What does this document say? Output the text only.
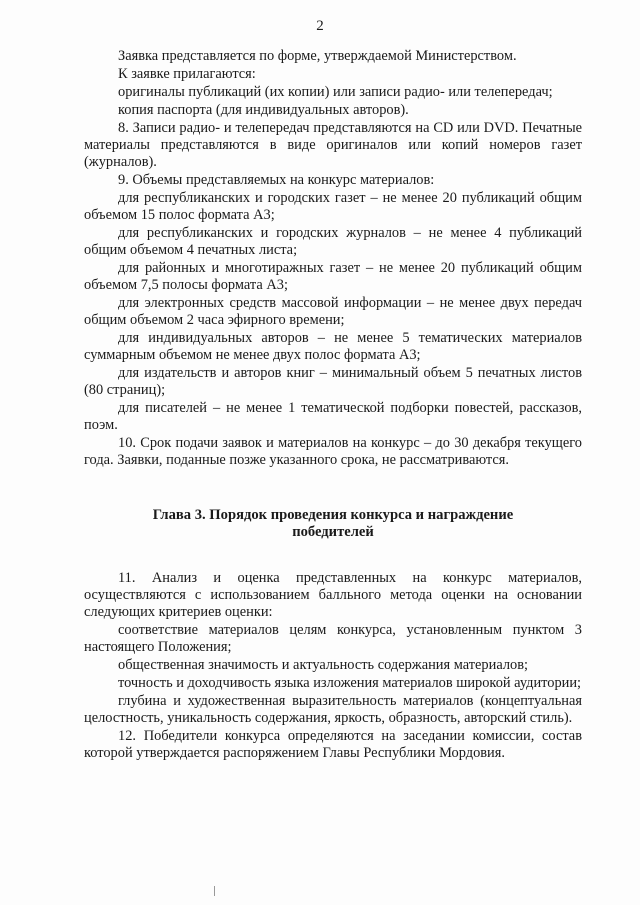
2

Заявка представляется по форме, утверждаемой Министерством.

К заявке прилагаются:

оригиналы публикаций (их копии) или записи радио- или телепередач;

копия паспорта (для индивидуальных авторов).

8. Записи радио- и телепередач представляются на CD или DVD. Печатные материалы представляются в виде оригиналов или копий номеров газет (журналов).

9. Объемы представляемых на конкурс материалов:

для республиканских и городских газет – не менее 20 публикаций общим объемом 15 полос формата А3;

для республиканских и городских журналов – не менее 4 публикаций общим объемом 4 печатных листа;

для районных и многотиражных газет – не менее 20 публикаций общим объемом 7,5 полосы формата А3;

для электронных средств массовой информации – не менее двух передач общим объемом 2 часа эфирного времени;

для индивидуальных авторов – не менее 5 тематических материалов суммарным объемом не менее двух полос формата А3;

для издательств и авторов книг – минимальный объем 5 печатных листов (80 страниц);

для писателей – не менее 1 тематической подборки повестей, рассказов, поэм.

10. Срок подачи заявок и материалов на конкурс – до 30 декабря текущего года. Заявки, поданные позже указанного срока, не рассматриваются.

Глава 3. Порядок проведения конкурса и награждение победителей

11. Анализ и оценка представленных на конкурс материалов, осуществляются с использованием балльного метода оценки на основании следующих критериев оценки:

соответствие материалов целям конкурса, установленным пунктом 3 настоящего Положения;

общественная значимость и актуальность содержания материалов;

точность и доходчивость языка изложения материалов широкой аудитории;

глубина и художественная выразительность материалов (концептуальная целостность, уникальность содержания, яркость, образность, авторский стиль).

12. Победители конкурса определяются на заседании комиссии, состав которой утверждается распоряжением Главы Республики Мордовия.
